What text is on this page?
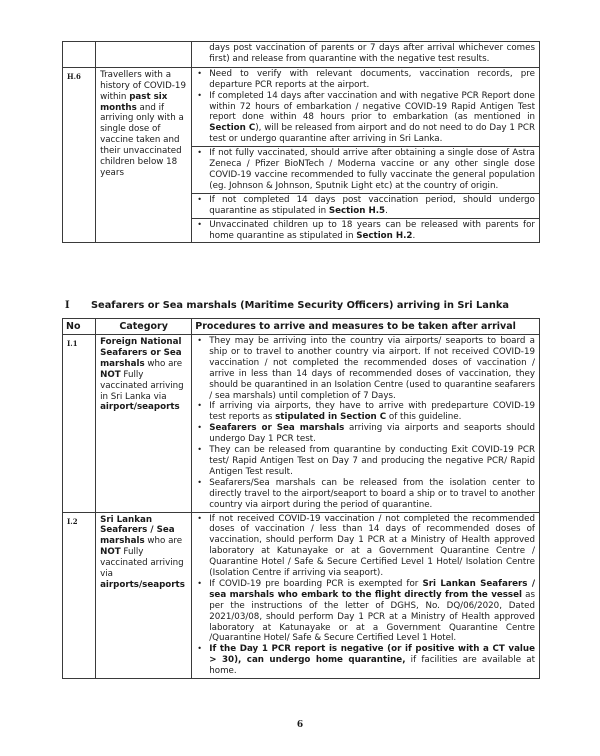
		days post vaccination of parents or 7 days after arrival whichever comes first) and release from quarantine with the negative test results.
H.6	Travellers with a history of COVID-19 within past six months and if arriving only with a single dose of vaccine taken and their unvaccinated children below 18 years	
• Need to verify with relevant documents, vaccination records, pre departure PCR reports at the airport.
• If completed 14 days after vaccination and with negative PCR Report done within 72 hours of embarkation / negative COVID-19 Rapid Antigen Test report done within 48 hours prior to embarkation (as mentioned in Section C), will be released from airport and do not need to do Day 1 PCR test or undergo quarantine after arriving in Sri Lanka.

• If not fully vaccinated, should arrive after obtaining a single dose of Astra Zeneca / Pfizer BioNTech / Moderna vaccine or any other single dose COVID-19 vaccine recommended to fully vaccinate the general population (eg. Johnson & Johnson, Sputnik Light etc) at the country of origin.

• If not completed 14 days post vaccination period, should undergo quarantine as stipulated in Section H.5.

• Unvaccinated children up to 18 years can be released with parents for home quarantine as stipulated in Section H.2.
I Seafarers or Sea marshals (Maritime Security Officers) arriving in Sri Lanka
No	Category	Procedures to arrive and measures to be taken after arrival
I.1	Foreign National Seafarers or Sea marshals who are NOT Fully vaccinated arriving in Sri Lanka via airport/seaports	
• They may be arriving into the country via airports/ seaports to board a ship or to travel to another country via airport. If not received COVID-19 vaccination / not completed the recommended doses of vaccination / arrive in less than 14 days of recommended doses of vaccination, they should be quarantined in an Isolation Centre (used to quarantine seafarers / sea marshals) until completion of 7 Days.
• If arriving via airports, they have to arrive with predeparture COVID-19 test reports as stipulated in Section C of this guideline.
• Seafarers or Sea marshals arriving via airports and seaports should undergo Day 1 PCR test.
• They can be released from quarantine by conducting Exit COVID-19 PCR test/ Rapid Antigen Test on Day 7 and producing the negative PCR/ Rapid Antigen Test result.
• Seafarers/Sea marshals can be released from the isolation center to directly travel to the airport/seaport to board a ship or to travel to another country via airport during the period of quarantine.

I.2	Sri Lankan Seafarers / Sea marshals who are NOT Fully vaccinated arriving via airports/seaports	
• If not received COVID-19 vaccination / not completed the recommended doses of vaccination / less than 14 days of recommended doses of vaccination, should perform Day 1 PCR at a Ministry of Health approved laboratory at Katunayake or at a Government Quarantine Centre / Quarantine Hotel / Safe & Secure Certified Level 1 Hotel/ Isolation Centre (Isolation Centre if arriving via seaport).
• If COVID-19 pre boarding PCR is exempted for Sri Lankan Seafarers / sea marshals who embark to the flight directly from the vessel as per the instructions of the letter of DGHS, No. DQ/06/2020, Dated 2021/03/08, should perform Day 1 PCR at a Ministry of Health approved laboratory at Katunayake or at a Government Quarantine Centre /Quarantine Hotel/ Safe & Secure Certified Level 1 Hotel.
• If the Day 1 PCR report is negative (or if positive with a CT value > 30), can undergo home quarantine, if facilities are available at home.
6
